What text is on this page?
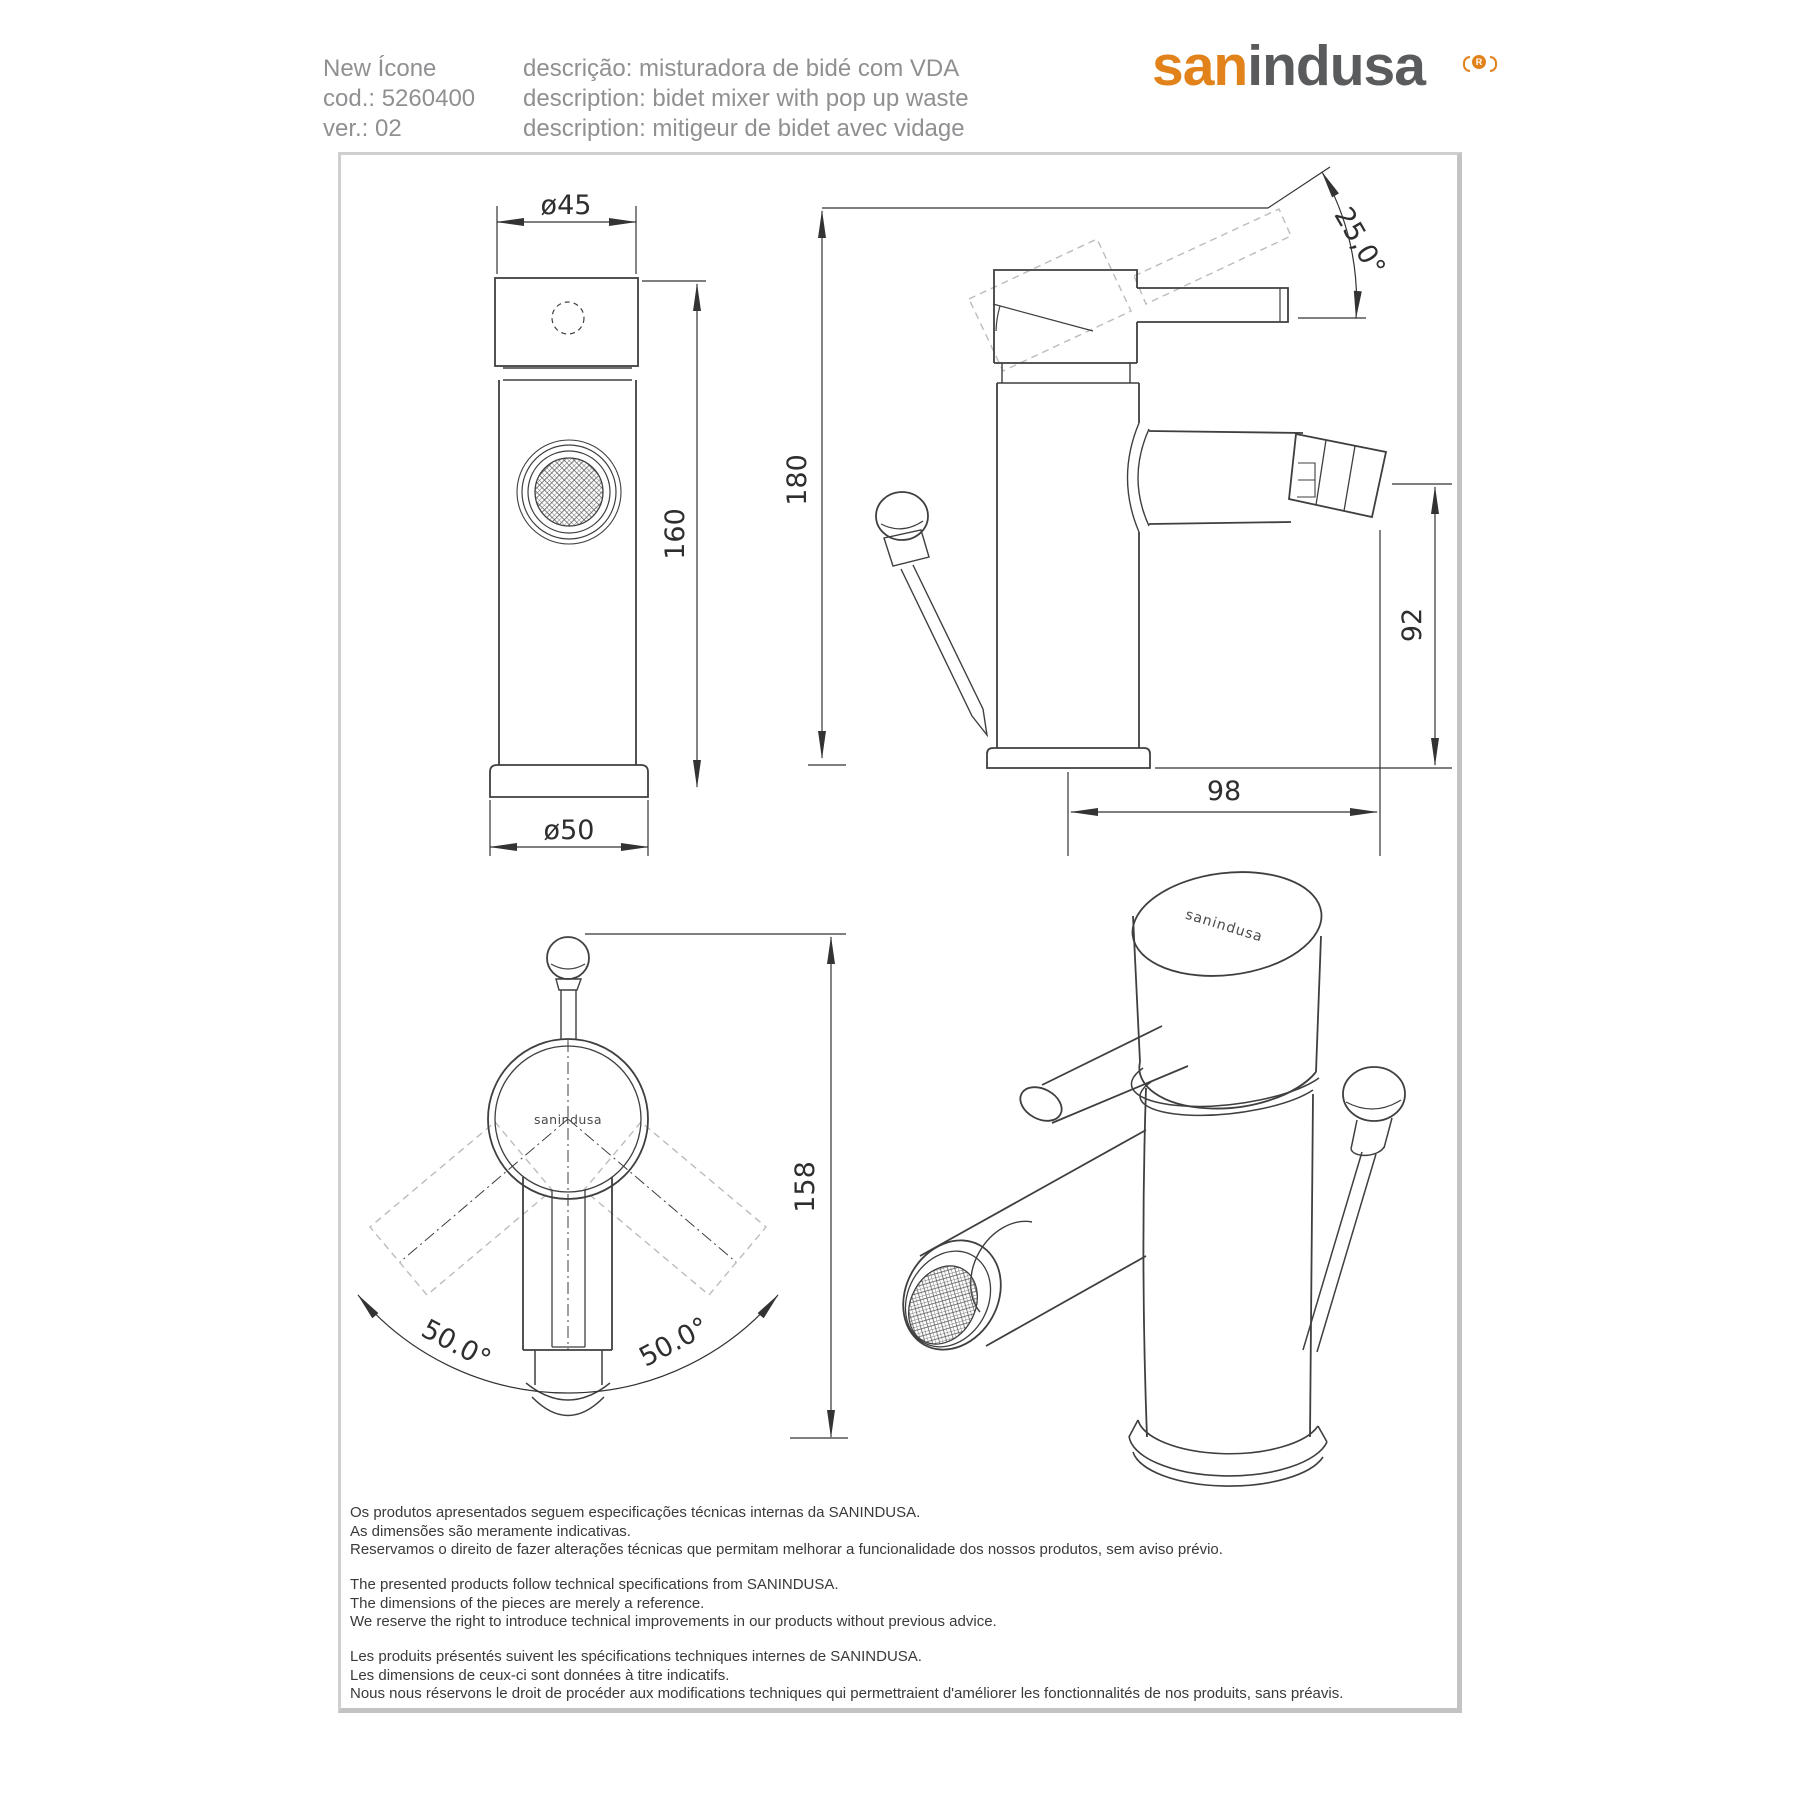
New Ícone
cod.: 5260400
ver.: 02
descrição: misturadora de bidé com VDA
description: bidet mixer with pop up waste
description: mitigeur de bidet avec vidage
sanindusa	R
ø45
160
ø50
180
25,0°
92
98
sanindusa
50.0°	50.0°
158
sanindusa
Os produtos apresentados seguem especificações técnicas internas da SANINDUSA.
As dimensões são meramente indicativas.
Reservamos o direito de fazer alterações técnicas que permitam melhorar a funcionalidade dos nossos produtos, sem aviso prévio.
The presented products follow technical specifications from SANINDUSA.
The dimensions of the pieces are merely a reference.
We reserve the right to introduce technical improvements in our products without previous advice.
Les produits présentés suivent les spécifications techniques internes de SANINDUSA.
Les dimensions de ceux-ci sont données à titre indicatifs.
Nous nous réservons le droit de procéder aux modifications techniques qui permettraient d'améliorer les fonctionnalités de nos produits, sans préavis.
